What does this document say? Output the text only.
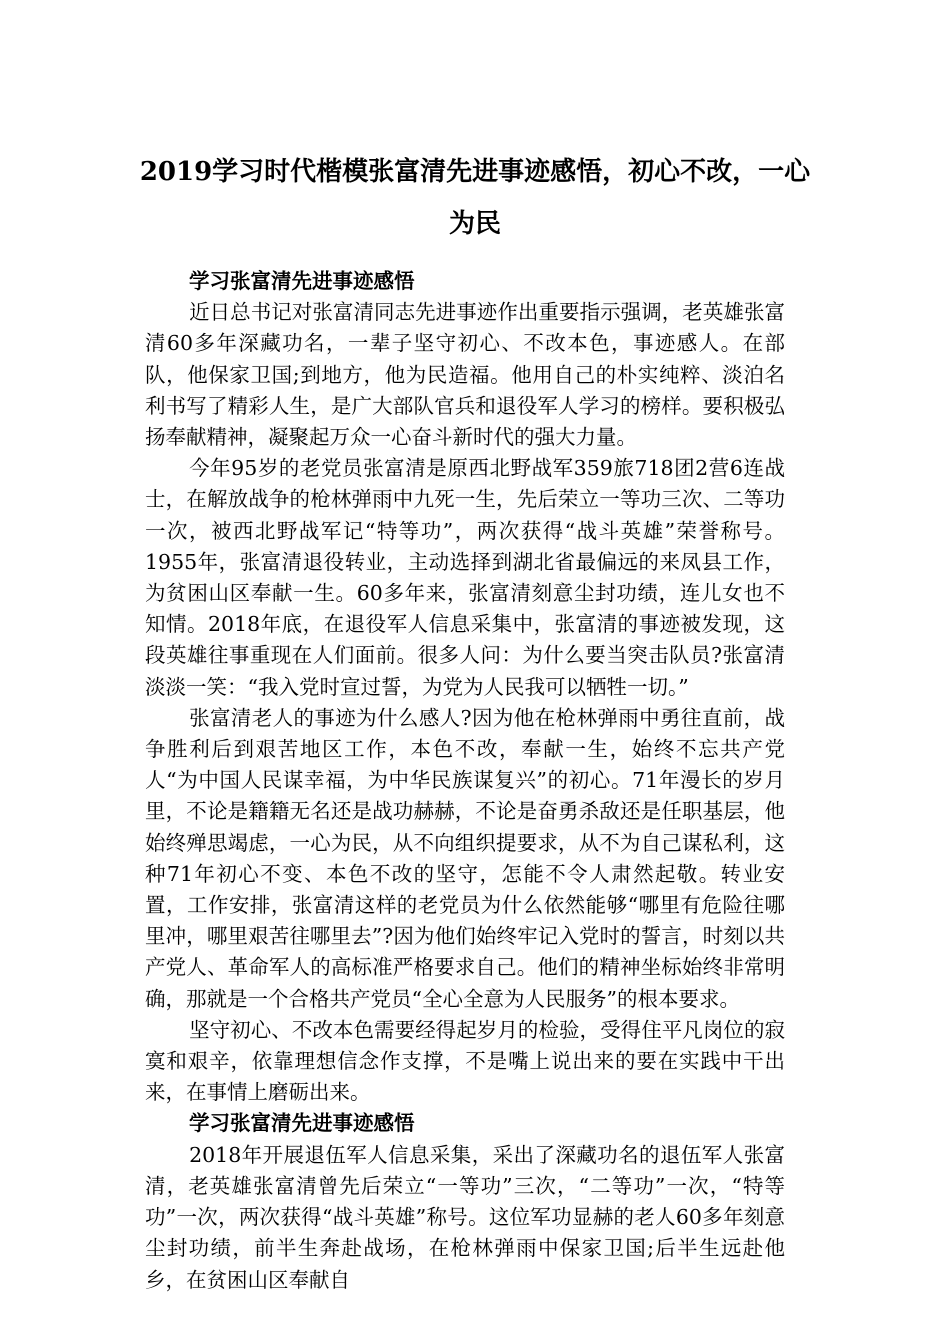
2019学习时代楷模张富清先进事迹感悟，初心不改，一心为民

学习张富清先进事迹感悟

近日总书记对张富清同志先进事迹作出重要指示强调，老英雄张富清60多年深藏功名，一辈子坚守初心、不改本色，事迹感人。在部队，他保家卫国;到地方，他为民造福。他用自己的朴实纯粹、淡泊名利书写了精彩人生，是广大部队官兵和退役军人学习的榜样。要积极弘扬奉献精神，凝聚起万众一心奋斗新时代的强大力量。

今年95岁的老党员张富清是原西北野战军359旅718团2营6连战士，在解放战争的枪林弹雨中九死一生，先后荣立一等功三次、二等功一次，被西北野战军记“特等功”，两次获得“战斗英雄”荣誉称号。1955年，张富清退役转业，主动选择到湖北省最偏远的来凤县工作，为贫困山区奉献一生。60多年来，张富清刻意尘封功绩，连儿女也不知情。2018年底，在退役军人信息采集中，张富清的事迹被发现，这段英雄往事重现在人们面前。很多人问：为什么要当突击队员?张富清淡淡一笑：“我入党时宣过誓，为党为人民我可以牺牲一切。”

张富清老人的事迹为什么感人?因为他在枪林弹雨中勇往直前，战争胜利后到艰苦地区工作，本色不改，奉献一生，始终不忘共产党人“为中国人民谋幸福，为中华民族谋复兴”的初心。71年漫长的岁月里，不论是籍籍无名还是战功赫赫，不论是奋勇杀敌还是任职基层，他始终殚思竭虑，一心为民，从不向组织提要求，从不为自己谋私利，这种71年初心不变、本色不改的坚守，怎能不令人肃然起敬。转业安置，工作安排，张富清这样的老党员为什么依然能够“哪里有危险往哪里冲，哪里艰苦往哪里去”?因为他们始终牢记入党时的誓言，时刻以共产党人、革命军人的高标准严格要求自己。他们的精神坐标始终非常明确，那就是一个合格共产党员“全心全意为人民服务”的根本要求。

坚守初心、不改本色需要经得起岁月的检验，受得住平凡岗位的寂寞和艰辛，依靠理想信念作支撑，不是嘴上说出来的要在实践中干出来，在事情上磨砺出来。

学习张富清先进事迹感悟

2018年开展退伍军人信息采集，采出了深藏功名的退伍军人张富清，老英雄张富清曾先后荣立“一等功”三次，“二等功”一次，“特等功”一次，两次获得“战斗英雄”称号。这位军功显赫的老人60多年刻意尘封功绩，前半生奔赴战场，在枪林弹雨中保家卫国;后半生远赴他乡，在贫困山区奉献自
